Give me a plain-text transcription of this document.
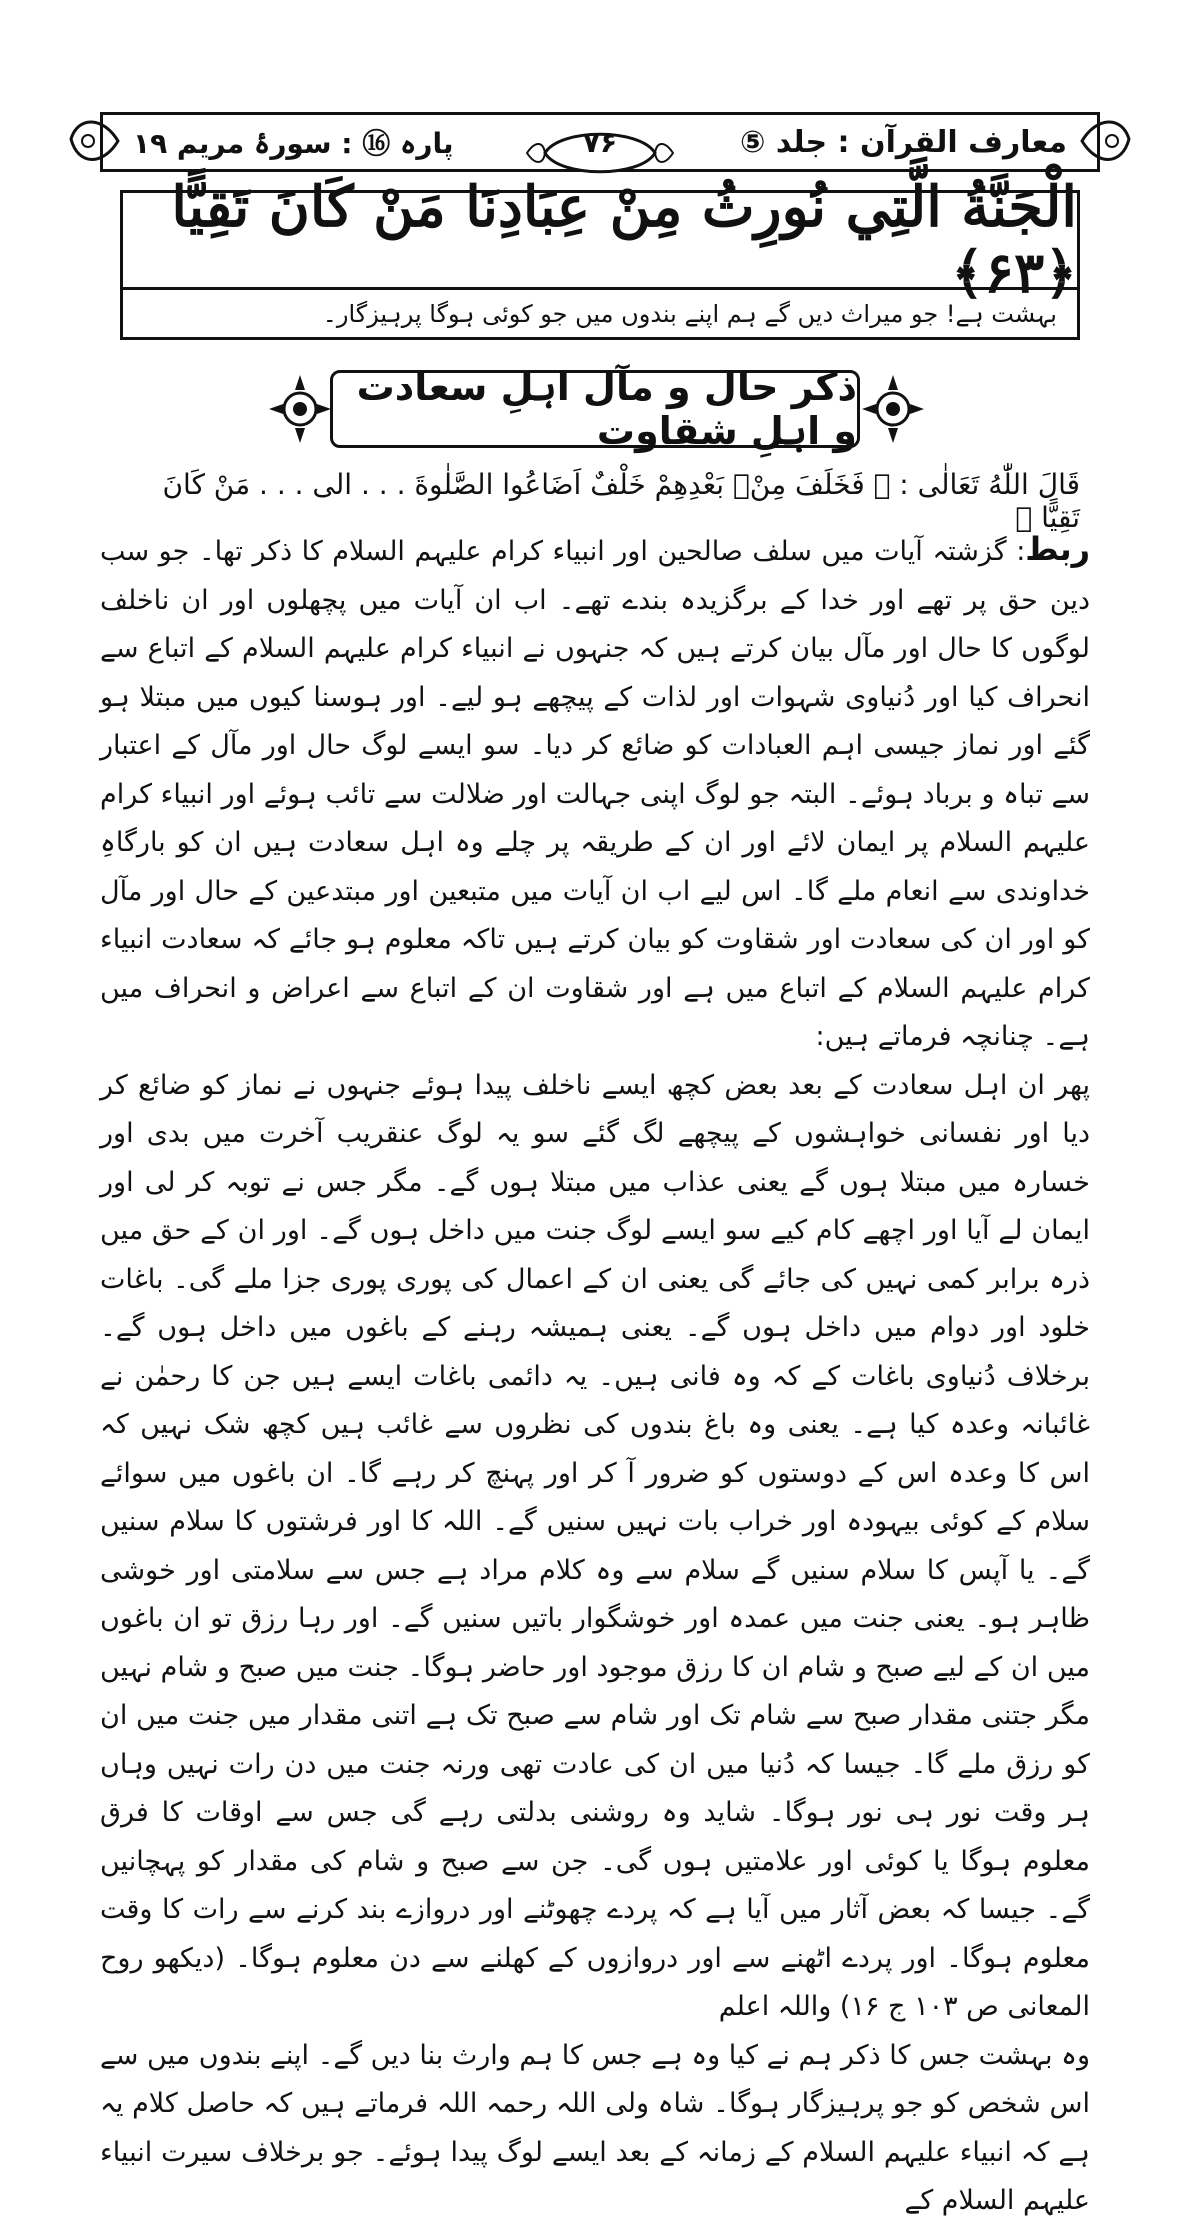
معارف القرآن : جلد ⑤
۷۶
پارہ ⑯ : سورۂ مریم ۱۹
الْجَنَّةُ الَّتِي نُورِثُ مِنْ عِبَادِنَا مَنْ كَانَ تَقِيًّا ﴿۶۳﴾
بہشت ہے! جو میراث دیں گے ہم اپنے بندوں میں جو کوئی ہوگا پرہیزگار۔
ذکر حال و مآل اہلِ سعادت و اہلِ شقاوت
قَالَ اللّٰهُ تَعَالٰی : ﴿ فَخَلَفَ مِنْۢ بَعْدِهِمْ خَلْفٌ اَضَاعُوا الصَّلٰوةَ . . . الی . . . مَنْ كَانَ تَقِيًّا ﴾

ربط: گزشتہ آیات میں سلف صالحین اور انبیاء کرام علیہم السلام کا ذکر تھا۔ جو سب دین حق پر تھے اور خدا کے برگزیدہ بندے تھے۔ اب ان آیات میں پچھلوں اور ان ناخلف لوگوں کا حال اور مآل بیان کرتے ہیں کہ جنہوں نے انبیاء کرام علیہم السلام کے اتباع سے انحراف کیا اور دُنیاوی شہوات اور لذات کے پیچھے ہو لیے۔ اور ہوسنا کیوں میں مبتلا ہو گئے اور نماز جیسی اہم العبادات کو ضائع کر دیا۔ سو ایسے لوگ حال اور مآل کے اعتبار سے تباہ و برباد ہوئے۔ البتہ جو لوگ اپنی جہالت اور ضلالت سے تائب ہوئے اور انبیاء کرام علیہم السلام پر ایمان لائے اور ان کے طریقہ پر چلے وہ اہل سعادت ہیں ان کو بارگاہِ خداوندی سے انعام ملے گا۔ اس لیے اب ان آیات میں متبعین اور مبتدعین کے حال اور مآل کو اور ان کی سعادت اور شقاوت کو بیان کرتے ہیں تاکہ معلوم ہو جائے کہ سعادت انبیاء کرام علیہم السلام کے اتباع میں ہے اور شقاوت ان کے اتباع سے اعراض و انحراف میں ہے۔ چنانچہ فرماتے ہیں:

پھر ان اہل سعادت کے بعد بعض کچھ ایسے ناخلف پیدا ہوئے جنہوں نے نماز کو ضائع کر دیا اور نفسانی خواہشوں کے پیچھے لگ گئے سو یہ لوگ عنقریب آخرت میں بدی اور خسارہ میں مبتلا ہوں گے یعنی عذاب میں مبتلا ہوں گے۔ مگر جس نے توبہ کر لی اور ایمان لے آیا اور اچھے کام کیے سو ایسے لوگ جنت میں داخل ہوں گے۔ اور ان کے حق میں ذرہ برابر کمی نہیں کی جائے گی یعنی ان کے اعمال کی پوری پوری جزا ملے گی۔ باغات خلود اور دوام میں داخل ہوں گے۔ یعنی ہمیشہ رہنے کے باغوں میں داخل ہوں گے۔ برخلاف دُنیاوی باغات کے کہ وہ فانی ہیں۔ یہ دائمی باغات ایسے ہیں جن کا رحمٰن نے غائبانہ وعدہ کیا ہے۔ یعنی وہ باغ بندوں کی نظروں سے غائب ہیں کچھ شک نہیں کہ اس کا وعدہ اس کے دوستوں کو ضرور آ کر اور پہنچ کر رہے گا۔ ان باغوں میں سوائے سلام کے کوئی بیہودہ اور خراب بات نہیں سنیں گے۔ اللہ کا اور فرشتوں کا سلام سنیں گے۔ یا آپس کا سلام سنیں گے سلام سے وہ کلام مراد ہے جس سے سلامتی اور خوشی ظاہر ہو۔ یعنی جنت میں عمدہ اور خوشگوار باتیں سنیں گے۔ اور رہا رزق تو ان باغوں میں ان کے لیے صبح و شام ان کا رزق موجود اور حاضر ہوگا۔ جنت میں صبح و شام نہیں مگر جتنی مقدار صبح سے شام تک اور شام سے صبح تک ہے اتنی مقدار میں جنت میں ان کو رزق ملے گا۔ جیسا کہ دُنیا میں ان کی عادت تھی ورنہ جنت میں دن رات نہیں وہاں ہر وقت نور ہی نور ہوگا۔ شاید وہ روشنی بدلتی رہے گی جس سے اوقات کا فرق معلوم ہوگا یا کوئی اور علامتیں ہوں گی۔ جن سے صبح و شام کی مقدار کو پہچانیں گے۔ جیسا کہ بعض آثار میں آیا ہے کہ پردے چھوٹنے اور دروازے بند کرنے سے رات کا وقت معلوم ہوگا۔ اور پردے اٹھنے سے اور دروازوں کے کھلنے سے دن معلوم ہوگا۔ (دیکھو روح المعانی ص ۱۰۳ ج ۱۶) واللہ اعلم

وہ بہشت جس کا ذکر ہم نے کیا وہ ہے جس کا ہم وارث بنا دیں گے۔ اپنے بندوں میں سے اس شخص کو جو پرہیزگار ہوگا۔ شاہ ولی اللہ رحمہ اللہ فرماتے ہیں کہ حاصل کلام یہ ہے کہ انبیاء علیہم السلام کے زمانہ کے بعد ایسے لوگ پیدا ہوئے۔ جو برخلاف سیرت انبیاء علیہم السلام کے
